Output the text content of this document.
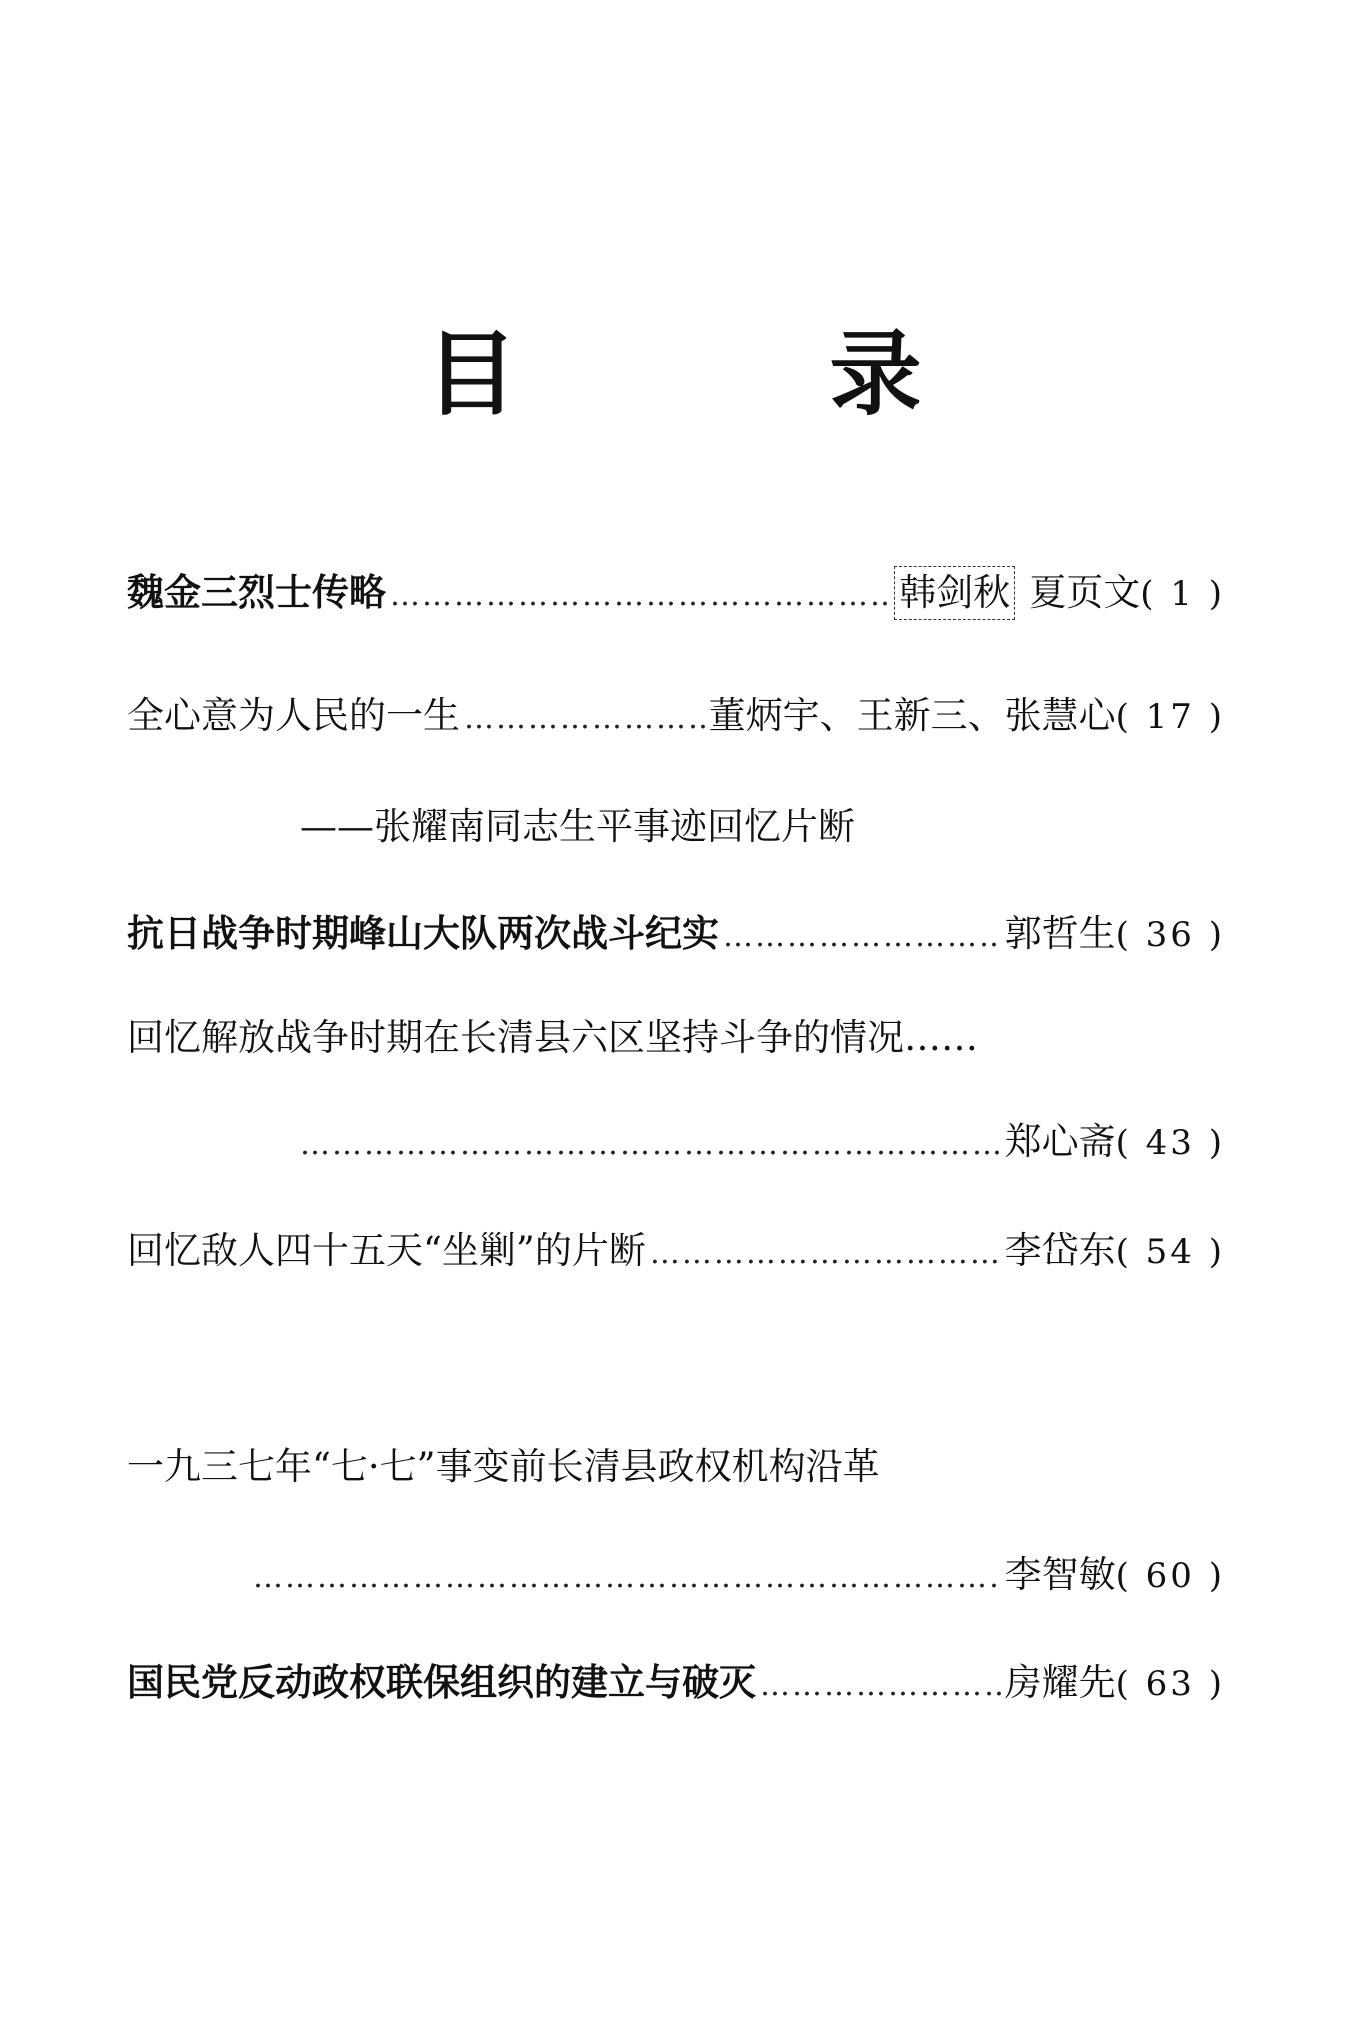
目 录
魏金三烈士传略 …………………………………………………………………………………………………………	韩剑秋 夏页文 ( 1 )
全心意为人民的一生 …………………………………………………………………………………………………………	董炳宇、王新三、张慧心 ( 17 )
——张耀南同志生平事迹回忆片断
抗日战争时期峰山大队两次战斗纪实 …………………………………………………………………………………………………………	郭哲生 ( 36 )
回忆解放战争时期在长清县六区坚持斗争的情况……
…………………………………………………………………………………………………………
郑心斋 ( 43 )
回忆敌人四十五天“坐剿”的片断 …………………………………………………………………………………………………………	李岱东 ( 54 )
一九三七年“七·七”事变前长清县政权机构沿革
…………………………………………………………………………………………………………
李智敏 ( 60 )
国民党反动政权联保组织的建立与破灭 …………………………………………………………………………………………………………	房耀先 ( 63 )
